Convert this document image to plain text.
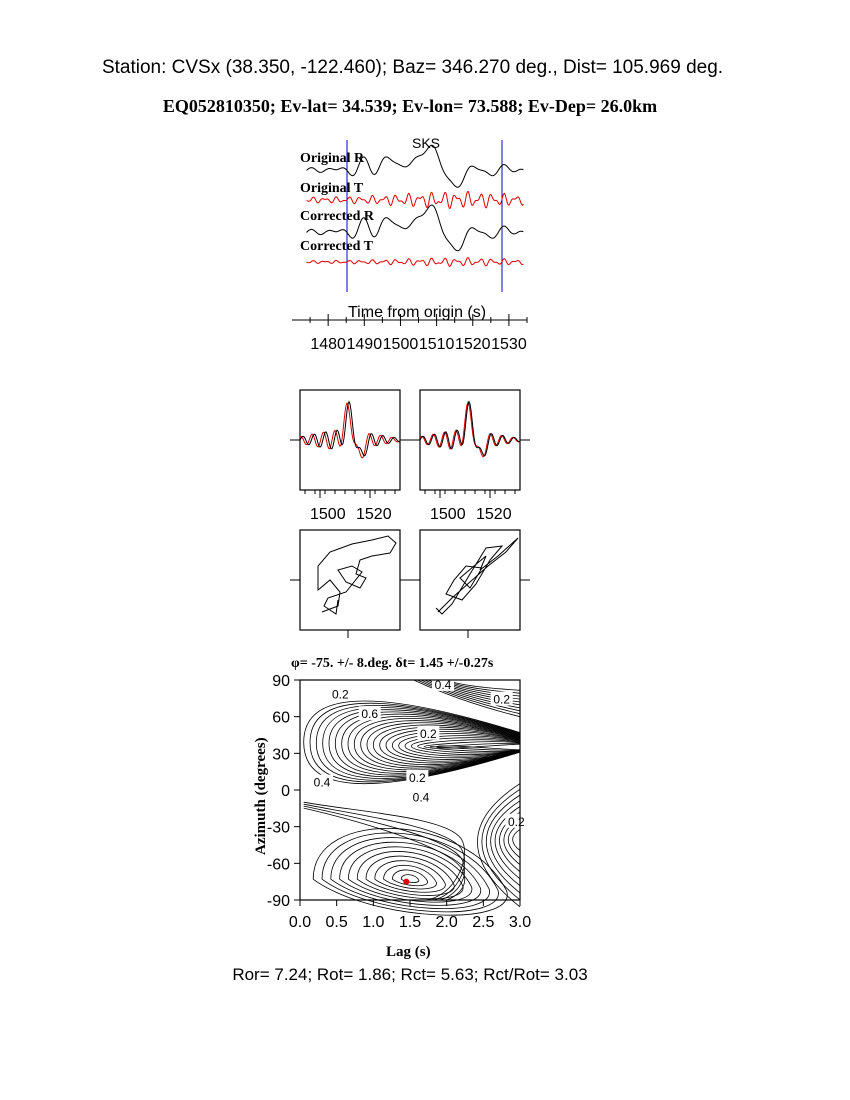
Station: CVSx (38.350, -122.460); Baz= 346.270 deg., Dist= 105.969 deg.
EQ052810350; Ev-lat= 34.539; Ev-lon= 73.588; Ev-Dep= 26.0km
SKS
Original R
Original T
Corrected R
Corrected T
Time from origin (s)
1480 1490 1500 1510 1520 1530
1500 1520 1500 1520
φ= -75. +/- 8.deg. δt= 1.45 +/-0.27s
0.2
0.4
0.6
0.2
0.4	0.2
0.4
0.2
0.2
90
60
30
0
-30
-60
-90
0.0 0.5 1.0 1.5 2.0 2.5 3.0
Lag (s)
Azimuth (degrees)
Ror= 7.24; Rot= 1.86; Rct= 5.63; Rct/Rot= 3.03
